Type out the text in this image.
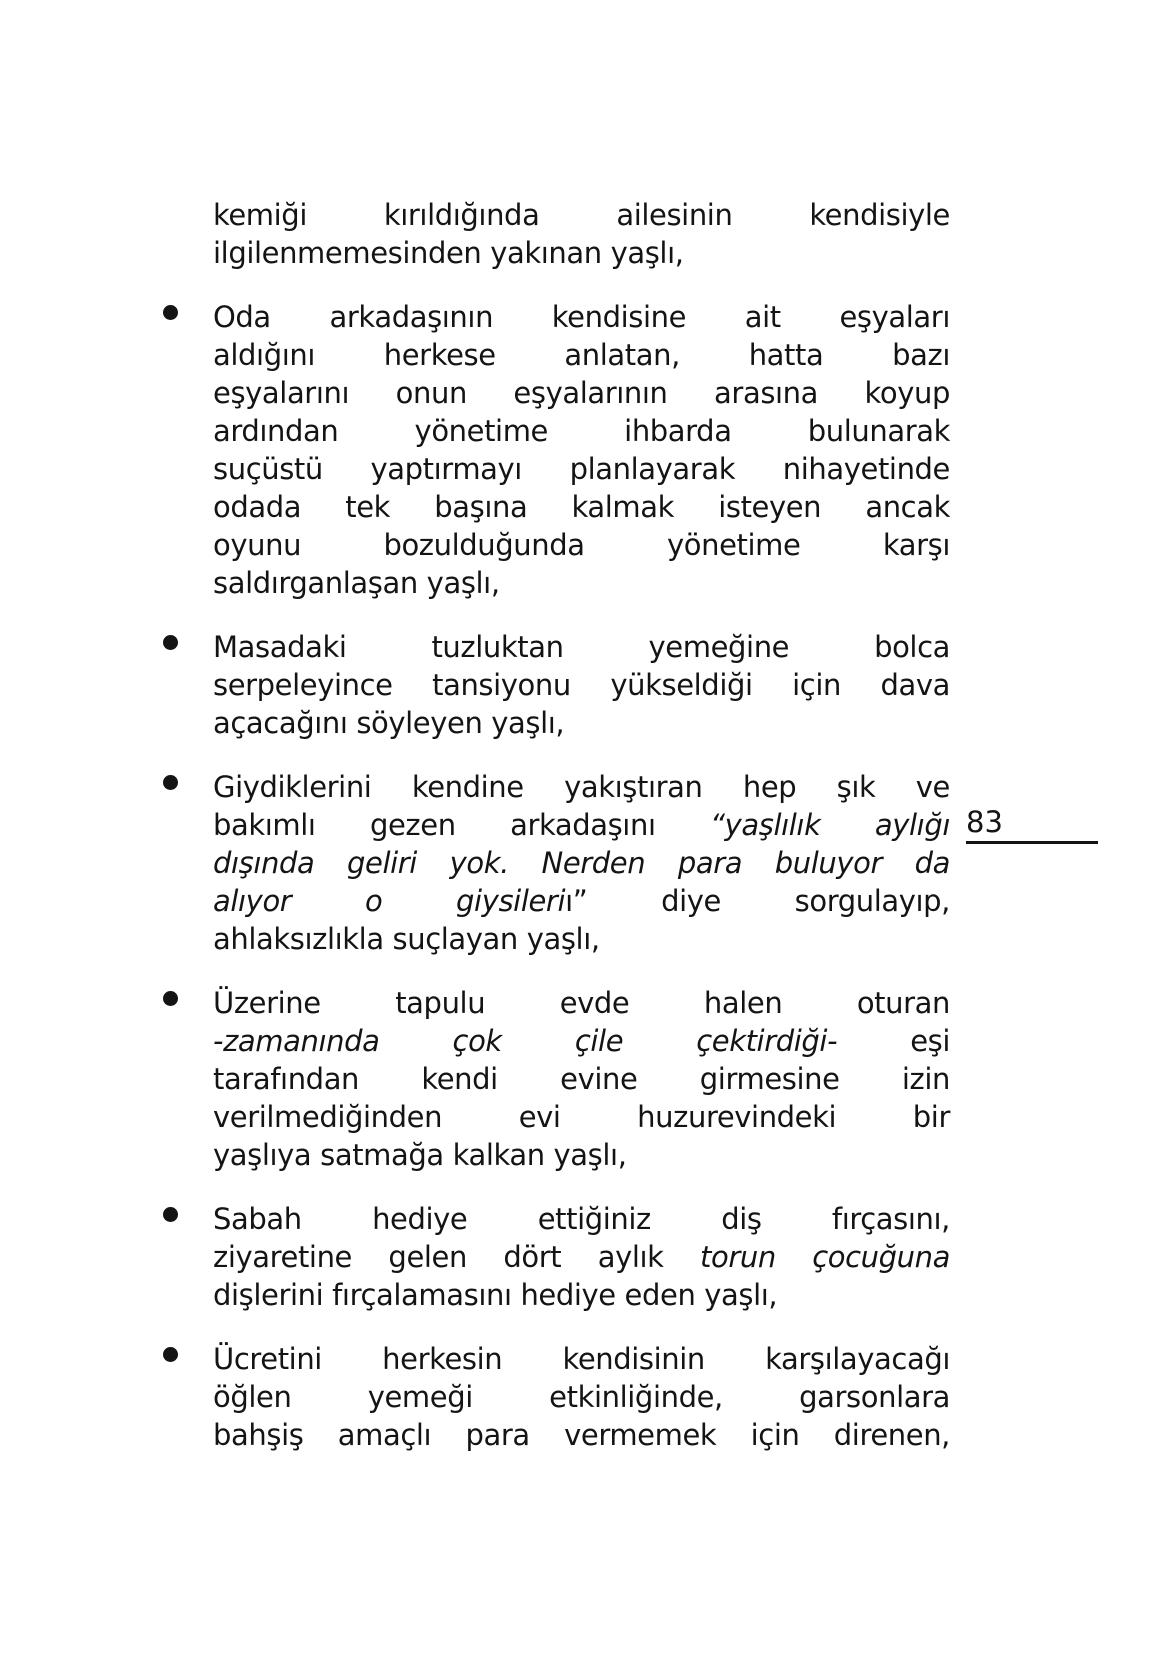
kemiği kırıldığında ailesinin kendisiyle
ilgilenmemesinden yakınan yaşlı,
Oda arkadaşının kendisine ait eşyaları
aldığını herkese anlatan, hatta bazı
eşyalarını onun eşyalarının arasına koyup
ardından yönetime ihbarda bulunarak
suçüstü yaptırmayı planlayarak nihayetinde
odada tek başına kalmak isteyen ancak
oyunu bozulduğunda yönetime karşı
saldırganlaşan yaşlı,
Masadaki tuzluktan yemeğine bolca
serpeleyince tansiyonu yükseldiği için dava
açacağını söyleyen yaşlı,
Giydiklerini kendine yakıştıran hep şık ve
bakımlı gezen arkadaşını “yaşlılık aylığı
dışında geliri yok. Nerden para buluyor da
alıyor o giysileriı” diye sorgulayıp,
ahlaksızlıkla suçlayan yaşlı,
Üzerine tapulu evde halen oturan
-zamanında çok çile çektirdiği- eşi
tarafından kendi evine girmesine izin
verilmediğinden evi huzurevindeki bir
yaşlıya satmağa kalkan yaşlı,
Sabah hediye ettiğiniz diş fırçasını,
ziyaretine gelen dört aylık torun çocuğuna
dişlerini fırçalamasını hediye eden yaşlı,
Ücretini herkesin kendisinin karşılayacağı
öğlen yemeği etkinliğinde, garsonlara
bahşiş amaçlı para vermemek için direnen,
83
